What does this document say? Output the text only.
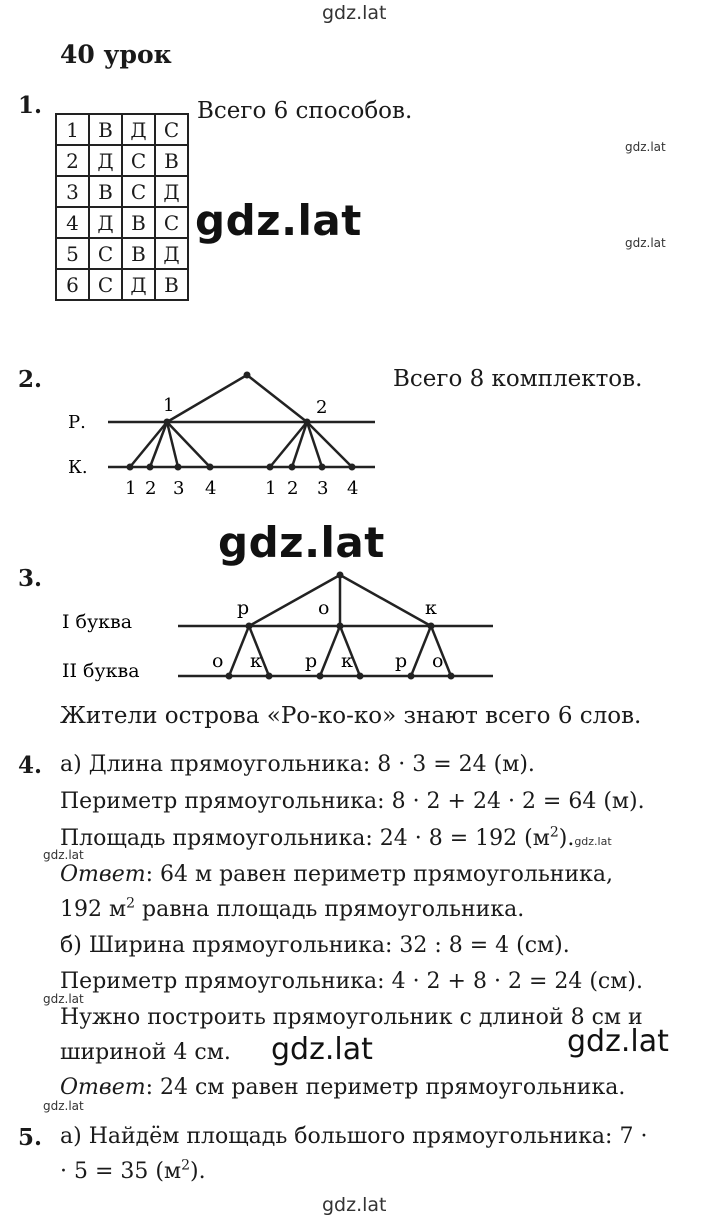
gdz.lat
gdz.lat
gdz.lat
gdz.lat
gdz.lat	gdz.lat
gdz.lat
gdz.lat
gdz.lat
gdz.lat
gdz.lat
40 урок
1.
1	В	Д	С
2	Д	С	В
3	В	С	Д
4	Д	В	С
5	С	В	Д
6	С	Д	В
Всего 6 способов.
2.
Р.
К.
1	2
1 2 3 4	1 2 3 4
Всего 8 комплектов.
3.
I буква
II буква
р
о к
о
р к
к
р о
Жители острова «Ро-ко-ко» знают всего 6 слов.
4. а) Длина прямоугольника: 8 · 3 = 24 (м).
Периметр прямоугольника: 8 · 2 + 24 · 2 = 64 (м).
Площадь прямоугольника: 24 · 8 = 192 $(м^2).gdz.lat$
Ответ: 64 м равен периметр прямоугольника,
192 $м^2$ равна площадь прямоугольника.
б) Ширина прямоугольника: 32 : 8 = 4 (см).
Периметр прямоугольника: 4 · 2 + 8 · 2 = 24 (см).
Нужно построить прямоугольник с длиной 8 см и
шириной 4 см.
Ответ: 24 см равен периметр прямоугольника.
5. а) Найдём площадь большого прямоугольника: 7 ·
· 5 = 35 $(м^2)$.
